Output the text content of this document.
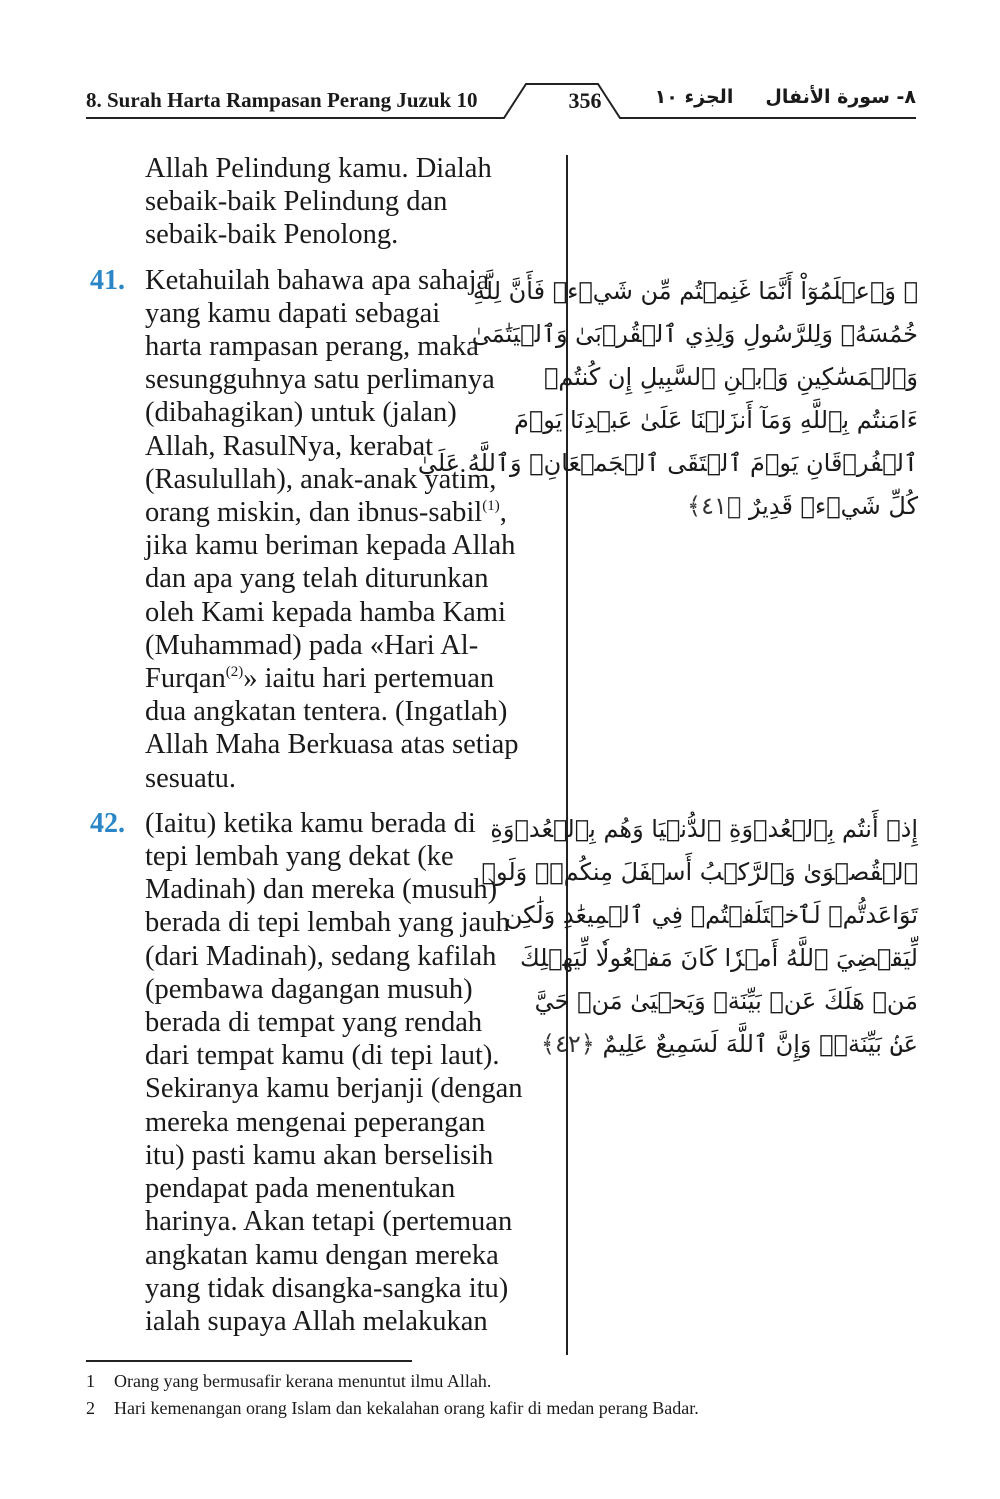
8. Surah Harta Rampasan Perang Juzuk 10	356	الجزء ١٠	٨- سورة الأنفال
Allah Pelindung kamu. Dialah
sebaik-baik Pelindung dan
sebaik-baik Penolong.
41. Ketahuilah bahawa apa sahaja
yang kamu dapati sebagai
harta rampasan perang, maka
sesungguhnya satu perlimanya
(dibahagikan) untuk (jalan)
Allah, RasulNya, kerabat
(Rasulullah), anak-anak yatim,
orang miskin, dan ibnus-sabil$^{(1)}$,
jika kamu beriman kepada Allah
dan apa yang telah diturunkan
oleh Kami kepada hamba Kami
(Muhammad) pada «Hari Al-
Furqan$^{(2)}$» iaitu hari pertemuan
dua angkatan tentera. (Ingatlah)
Allah Maha Berkuasa atas setiap
sesuatu.
42. (Iaitu) ketika kamu berada di
tepi lembah yang dekat (ke
Madinah) dan mereka (musuh)
berada di tepi lembah yang jauh
(dari Madinah), sedang kafilah
(pembawa dagangan musuh)
berada di tempat yang rendah
dari tempat kamu (di tepi laut).
Sekiranya kamu berjanji (dengan
mereka mengenai peperangan
itu) pasti kamu akan berselisih
pendapat pada menentukan
harinya. Akan tetapi (pertemuan
angkatan kamu dengan mereka
yang tidak disangka-sangka itu)
ialah supaya Allah melakukan
۞ وَٱعۡلَمُوٓاْ أَنَّمَا غَنِمۡتُم مِّن شَيۡءٖ فَأَنَّ لِلَّهِ
خُمُسَهُۥ وَلِلرَّسُولِ وَلِذِي ٱلۡقُرۡبَىٰ وَٱلۡيَتَٰمَىٰ
وَٱلۡمَسَٰكِينِ وَٱبۡنِ ٱلسَّبِيلِ إِن كُنتُمۡ
ءَامَنتُم بِٱللَّهِ وَمَآ أَنزَلۡنَا عَلَىٰ عَبۡدِنَا يَوۡمَ
ٱلۡفُرۡقَانِ يَوۡمَ ٱلۡتَقَى ٱلۡجَمۡعَانِۗ وَٱللَّهُ عَلَىٰ
كُلِّ شَيۡءٖ قَدِيرٌ ﴿٤١﴾
إِذۡ أَنتُم بِٱلۡعُدۡوَةِ ٱلدُّنۡيَا وَهُم بِٱلۡعُدۡوَةِ
ٱلۡقُصۡوَىٰ وَٱلرَّكۡبُ أَسۡفَلَ مِنكُمۡۚ وَلَوۡ
تَوَاعَدتُّمۡ لَٱخۡتَلَفۡتُمۡ فِي ٱلۡمِيعَٰدِ وَلَٰكِن
لِّيَقۡضِيَ ٱللَّهُ أَمۡرٗا كَانَ مَفۡعُولٗا لِّيَهۡلِكَ
مَنۡ هَلَكَ عَنۢ بَيِّنَةٖ وَيَحۡيَىٰ مَنۡ حَيَّ
عَنۢ بَيِّنَةٖۗ وَإِنَّ ٱللَّهَ لَسَمِيعٌ عَلِيمٌ ﴿٤٢﴾
1	Orang yang bermusafir kerana menuntut ilmu Allah.
2	Hari kemenangan orang Islam dan kekalahan orang kafir di medan perang Badar.
